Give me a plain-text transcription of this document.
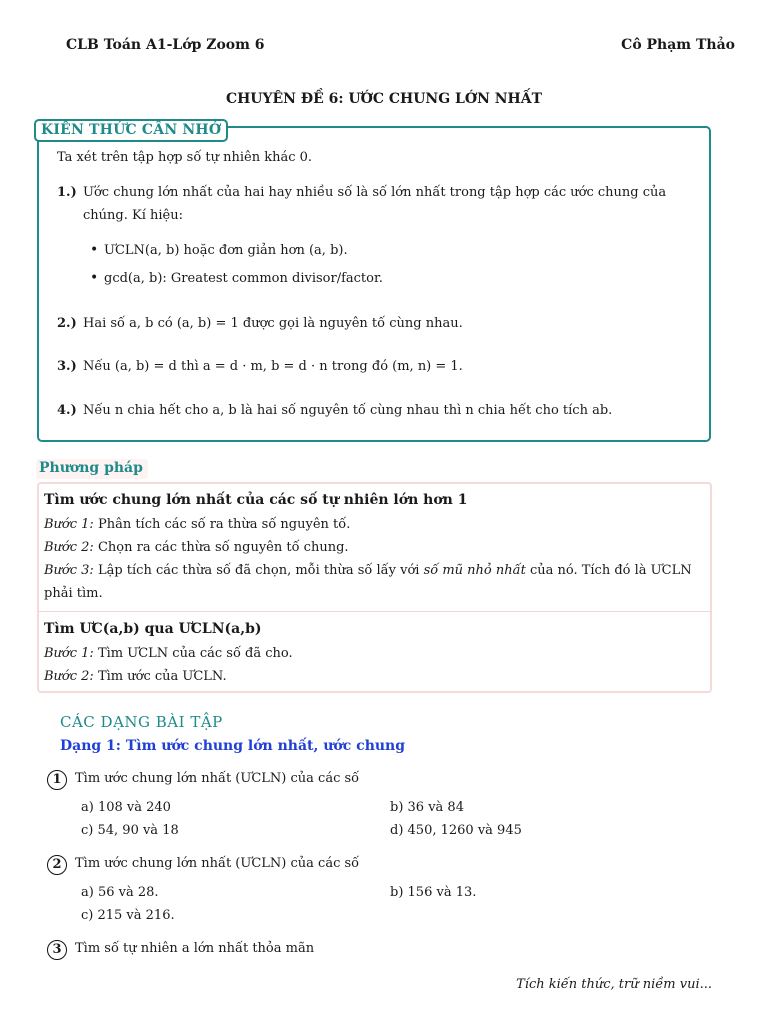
CLB Toán A1-Lớp Zoom 6	Cô Phạm Thảo
CHUYÊN ĐỀ 6: ƯỚC CHUNG LỚN NHẤT
KIẾN THỨC CẦN NHỚ
Ta xét trên tập hợp số tự nhiên khác 0.
1.) Ước chung lớn nhất của hai hay nhiều số là số lớn nhất trong tập hợp các ước chung của chúng. Kí hiệu:
• ƯCLN(a, b) hoặc đơn giản hơn (a, b).
• gcd(a, b): Greatest common divisor/factor.
2.) Hai số a, b có (a, b) = 1 được gọi là nguyên tố cùng nhau.
3.) Nếu (a, b) = d thì a = d · m, b = d · n trong đó (m, n) = 1.
4.) Nếu n chia hết cho a, b là hai số nguyên tố cùng nhau thì n chia hết cho tích ab.
Phương pháp
Tìm ước chung lớn nhất của các số tự nhiên lớn hơn 1
Bước 1: Phân tích các số ra thừa số nguyên tố.
Bước 2: Chọn ra các thừa số nguyên tố chung.
Bước 3: Lập tích các thừa số đã chọn, mỗi thừa số lấy với số mũ nhỏ nhất của nó. Tích đó là ƯCLN phải tìm.
Tìm ƯC(a,b) qua ƯCLN(a,b)
Bước 1: Tìm ƯCLN của các số đã cho.
Bước 2: Tìm ước của ƯCLN.
CÁC DẠNG BÀI TẬP
Dạng 1: Tìm ước chung lớn nhất, ước chung
1	Tìm ước chung lớn nhất (ƯCLN) của các số
a) 108 và 240	b) 36 và 84
c) 54, 90 và 18	d) 450, 1260 và 945
2	Tìm ước chung lớn nhất (ƯCLN) của các số
a) 56 và 28.	b) 156 và 13.
c) 215 và 216.
3	Tìm số tự nhiên a lớn nhất thỏa mãn
Tích kiến thức, trữ niềm vui...
